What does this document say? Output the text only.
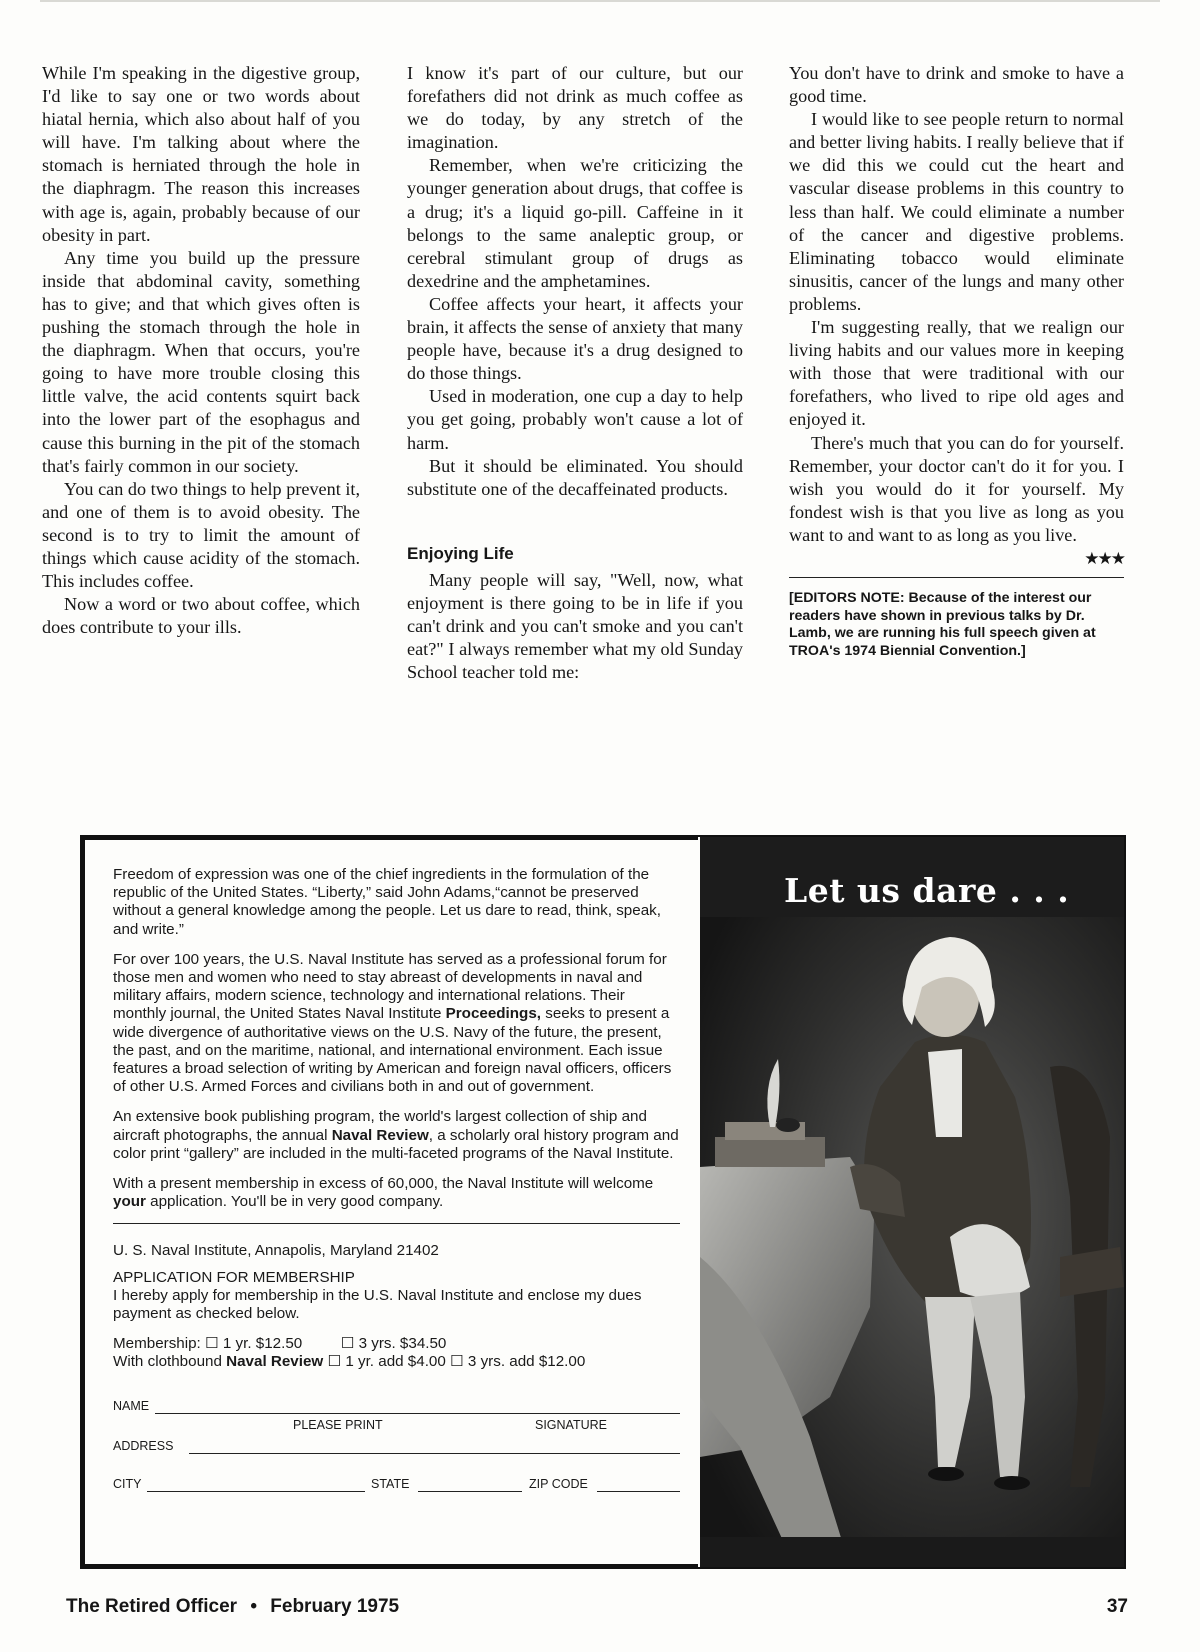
While I'm speaking in the digestive group, I'd like to say one or two words about hiatal hernia, which also about half of you will have. I'm talking about where the stomach is herniated through the hole in the diaphragm. The reason this increases with age is, again, probably because of our obesity in part.

Any time you build up the pressure inside that abdominal cavity, something has to give; and that which gives often is pushing the stomach through the hole in the diaphragm. When that occurs, you're going to have more trouble closing this little valve, the acid contents squirt back into the lower part of the esophagus and cause this burning in the pit of the stomach that's fairly common in our society.

You can do two things to help prevent it, and one of them is to avoid obesity. The second is to try to limit the amount of things which cause acidity of the stomach. This includes coffee.

Now a word or two about coffee, which does contribute to your ills.

I know it's part of our culture, but our forefathers did not drink as much coffee as we do today, by any stretch of the imagination.

Remember, when we're criticizing the younger generation about drugs, that coffee is a drug; it's a liquid go-pill. Caffeine in it belongs to the same analeptic group, or cerebral stimulant group of drugs as dexedrine and the amphetamines.

Coffee affects your heart, it affects your brain, it affects the sense of anxiety that many people have, because it's a drug designed to do those things.

Used in moderation, one cup a day to help you get going, probably won't cause a lot of harm.

But it should be eliminated. You should substitute one of the decaffeinated products.

Enjoying Life

Many people will say, "Well, now, what enjoyment is there going to be in life if you can't drink and you can't smoke and you can't eat?" I always remember what my old Sunday School teacher told me:

You don't have to drink and smoke to have a good time.

I would like to see people return to normal and better living habits. I really believe that if we did this we could cut the heart and vascular disease problems in this country to less than half. We could eliminate a number of the cancer and digestive problems. Eliminating tobacco would eliminate sinusitis, cancer of the lungs and many other problems.

I'm suggesting really, that we realign our living habits and our values more in keeping with those that were traditional with our forefathers, who lived to ripe old ages and enjoyed it.

There's much that you can do for yourself. Remember, your doctor can't do it for you. I wish you would do it for yourself. My fondest wish is that you live as long as you want to and want to as long as you live.
★★★

[EDITORS NOTE: Because of the interest our readers have shown in previous talks by Dr. Lamb, we are running his full speech given at TROA's 1974 Biennial Convention.]

Freedom of expression was one of the chief ingredients in the formulation of the republic of the United States. “Liberty,” said John Adams,“cannot be preserved without a general knowledge among the people. Let us dare to read, think, speak, and write.”

For over 100 years, the U.S. Naval Institute has served as a professional forum for those men and women who need to stay abreast of developments in naval and military affairs, modern science, technology and international relations. Their monthly journal, the United States Naval Institute Proceedings, seeks to present a wide divergence of authoritative views on the U.S. Navy of the future, the present, the past, and on the maritime, national, and international environment. Each issue features a broad selection of writing by American and foreign naval officers, officers of other U.S. Armed Forces and civilians both in and out of government.

An extensive book publishing program, the world's largest collection of ship and aircraft photographs, the annual Naval Review, a scholarly oral history program and color print “gallery” are included in the multi-faceted programs of the Naval Institute.

With a present membership in excess of 60,000, the Naval Institute will welcome your application. You'll be in very good company.

U. S. Naval Institute, Annapolis, Maryland 21402
APPLICATION FOR MEMBERSHIP
I hereby apply for membership in the U.S. Naval Institute and enclose my dues payment as checked below.
Membership: ☐ 1 yr. $12.50	☐ 3 yrs. $34.50
With clothbound Naval Review ☐ 1 yr. add $4.00 ☐ 3 yrs. add $12.00
NAME
PLEASE PRINT	SIGNATURE
ADDRESS
CITY	STATE	ZIP CODE
Let us dare . . .
The Retired Officer • February 1975	37
